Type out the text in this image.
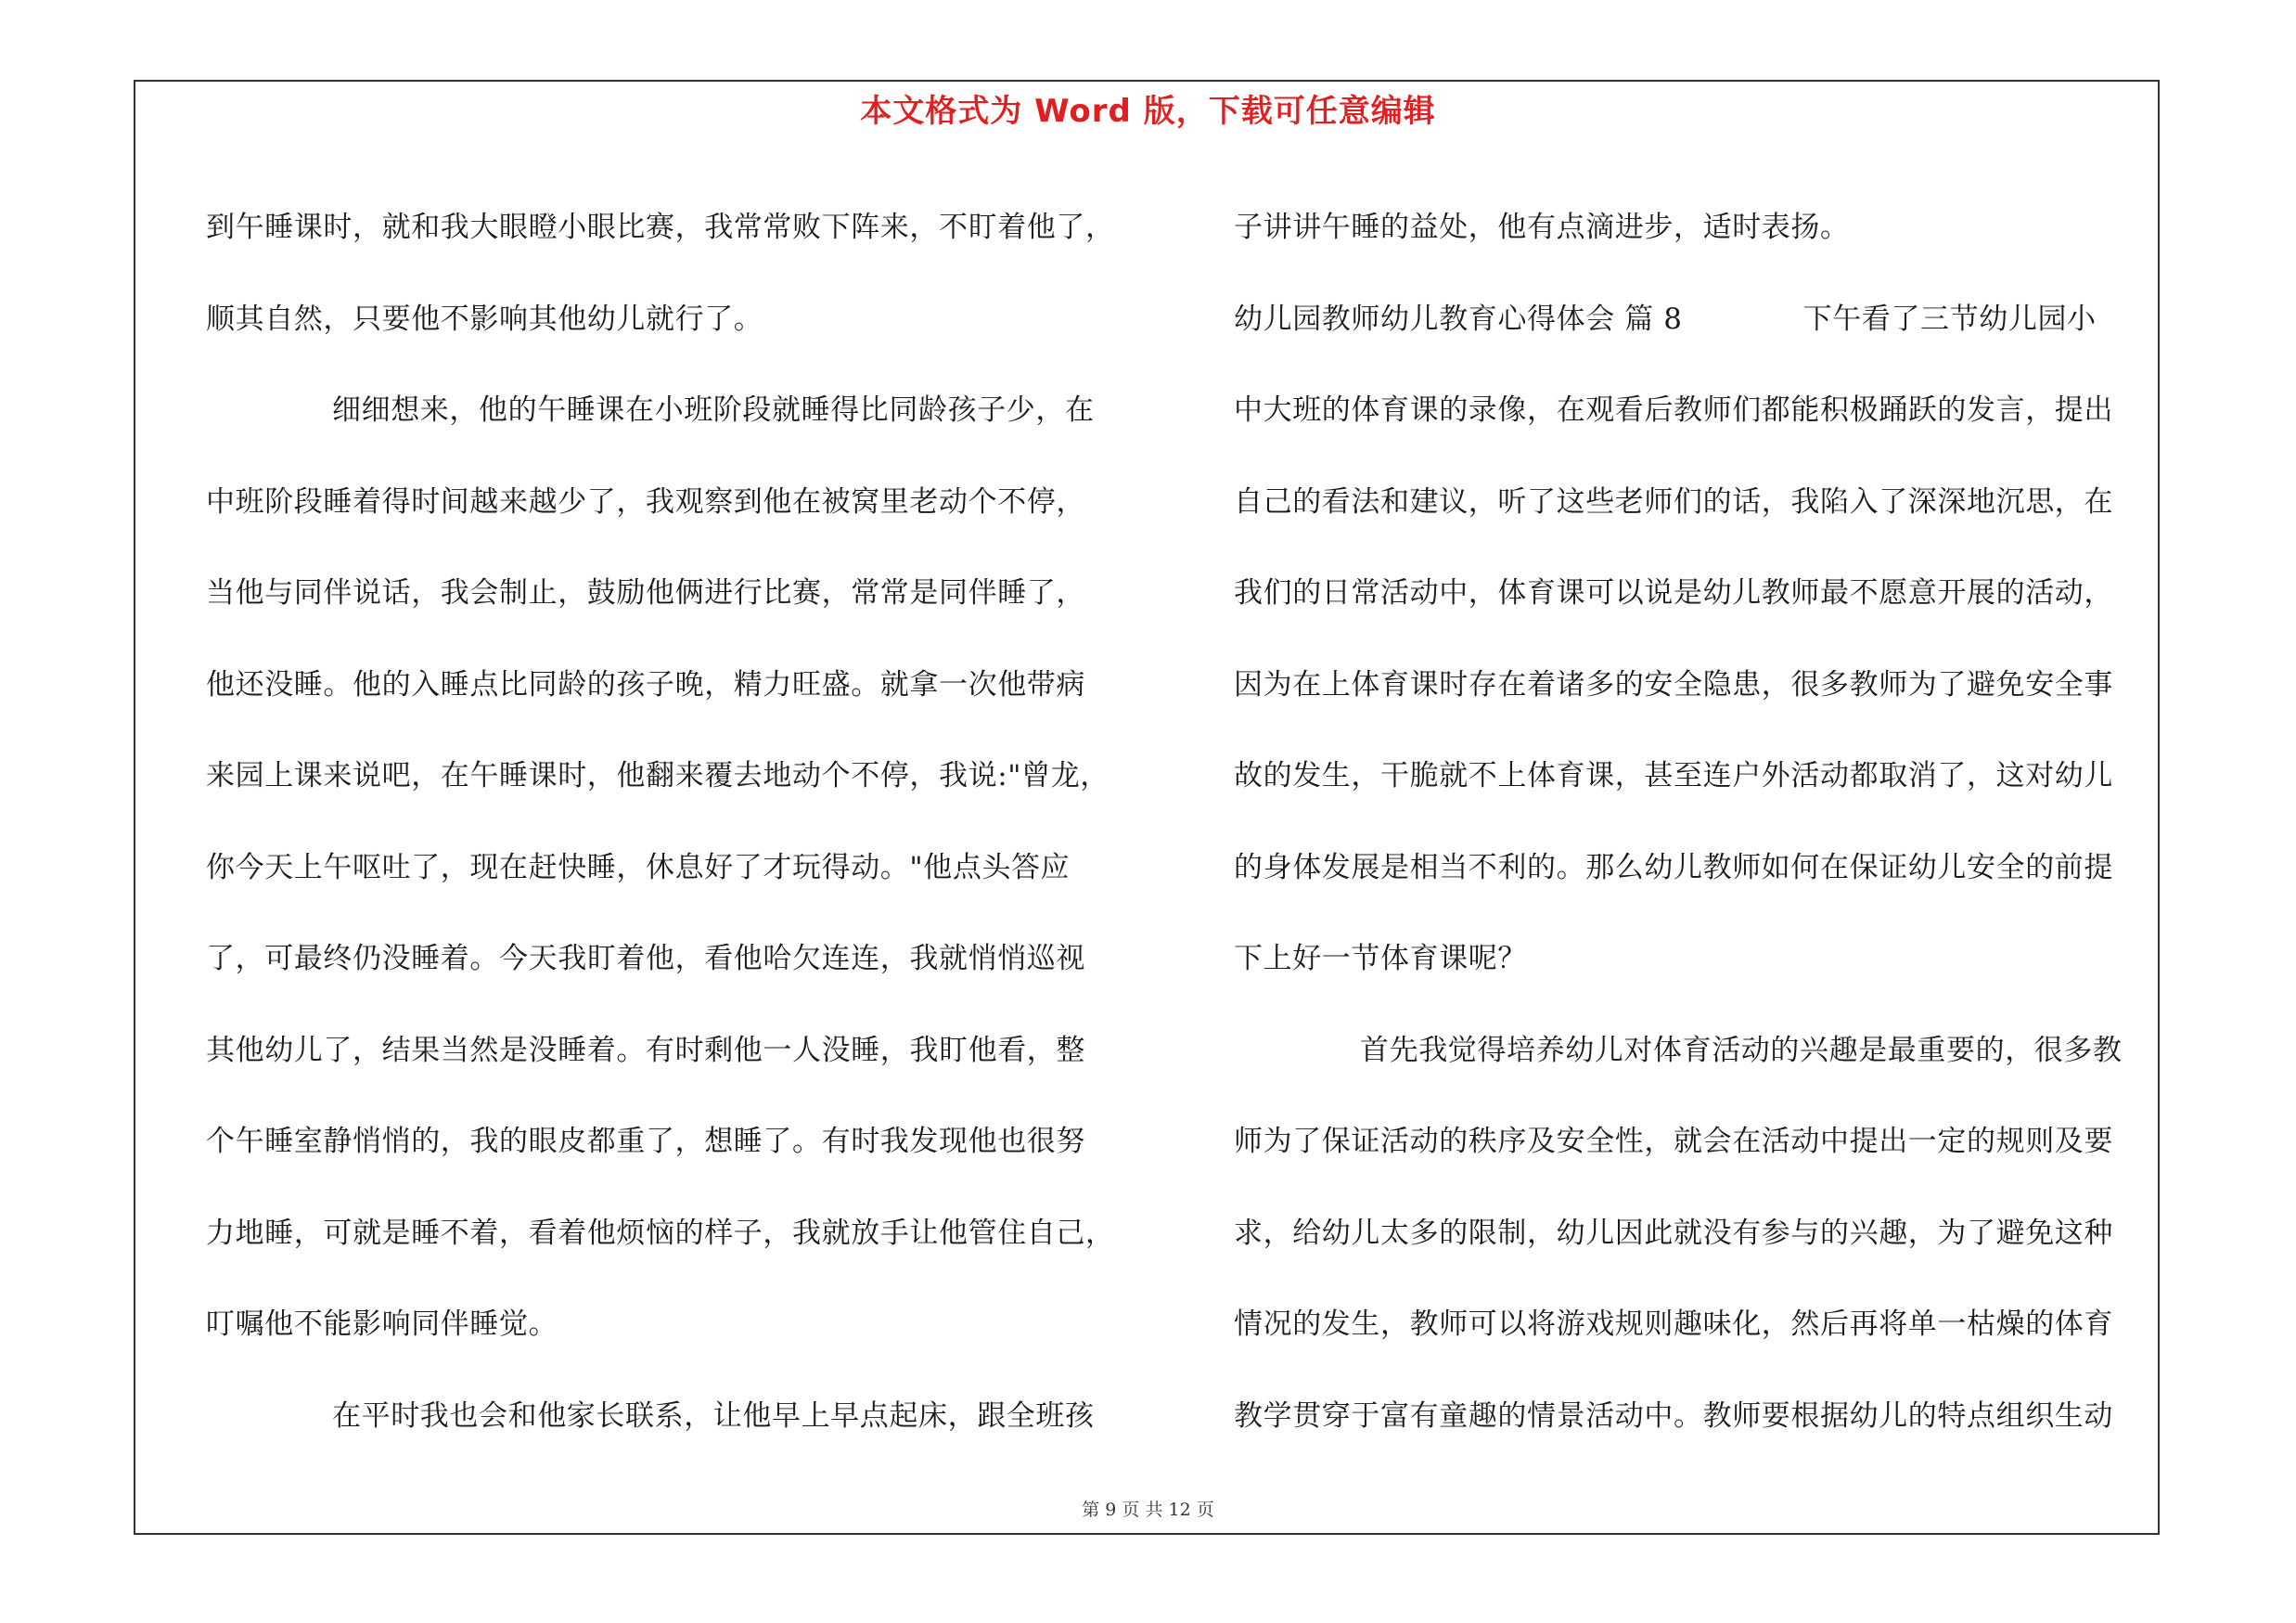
本文格式为 Word 版，下载可任意编辑
到午睡课时，就和我大眼瞪小眼比赛，我常常败下阵来，不盯着他了，
顺其自然，只要他不影响其他幼儿就行了。
细细想来，他的午睡课在小班阶段就睡得比同龄孩子少，在
中班阶段睡着得时间越来越少了，我观察到他在被窝里老动个不停，
当他与同伴说话，我会制止，鼓励他俩进行比赛，常常是同伴睡了，
他还没睡。他的入睡点比同龄的孩子晚，精力旺盛。就拿一次他带病
来园上课来说吧，在午睡课时，他翻来覆去地动个不停，我说:"曾龙，
你今天上午呕吐了，现在赶快睡，休息好了才玩得动。"他点头答应
了，可最终仍没睡着。今天我盯着他，看他哈欠连连，我就悄悄巡视
其他幼儿了，结果当然是没睡着。有时剩他一人没睡，我盯他看，整
个午睡室静悄悄的，我的眼皮都重了，想睡了。有时我发现他也很努
力地睡，可就是睡不着，看着他烦恼的样子，我就放手让他管住自己，
叮嘱他不能影响同伴睡觉。
在平时我也会和他家长联系，让他早上早点起床，跟全班孩
子讲讲午睡的益处，他有点滴进步，适时表扬。
幼儿园教师幼儿教育心得体会 篇 8	下午看了三节幼儿园小
中大班的体育课的录像，在观看后教师们都能积极踊跃的发言，提出
自己的看法和建议，听了这些老师们的话，我陷入了深深地沉思，在
我们的日常活动中，体育课可以说是幼儿教师最不愿意开展的活动，
因为在上体育课时存在着诸多的安全隐患，很多教师为了避免安全事
故的发生，干脆就不上体育课，甚至连户外活动都取消了，这对幼儿
的身体发展是相当不利的。那么幼儿教师如何在保证幼儿安全的前提
下上好一节体育课呢？
首先我觉得培养幼儿对体育活动的兴趣是最重要的，很多教
师为了保证活动的秩序及安全性，就会在活动中提出一定的规则及要
求，给幼儿太多的限制，幼儿因此就没有参与的兴趣，为了避免这种
情况的发生，教师可以将游戏规则趣味化，然后再将单一枯燥的体育
教学贯穿于富有童趣的情景活动中。教师要根据幼儿的特点组织生动
第 9 页 共 12 页
